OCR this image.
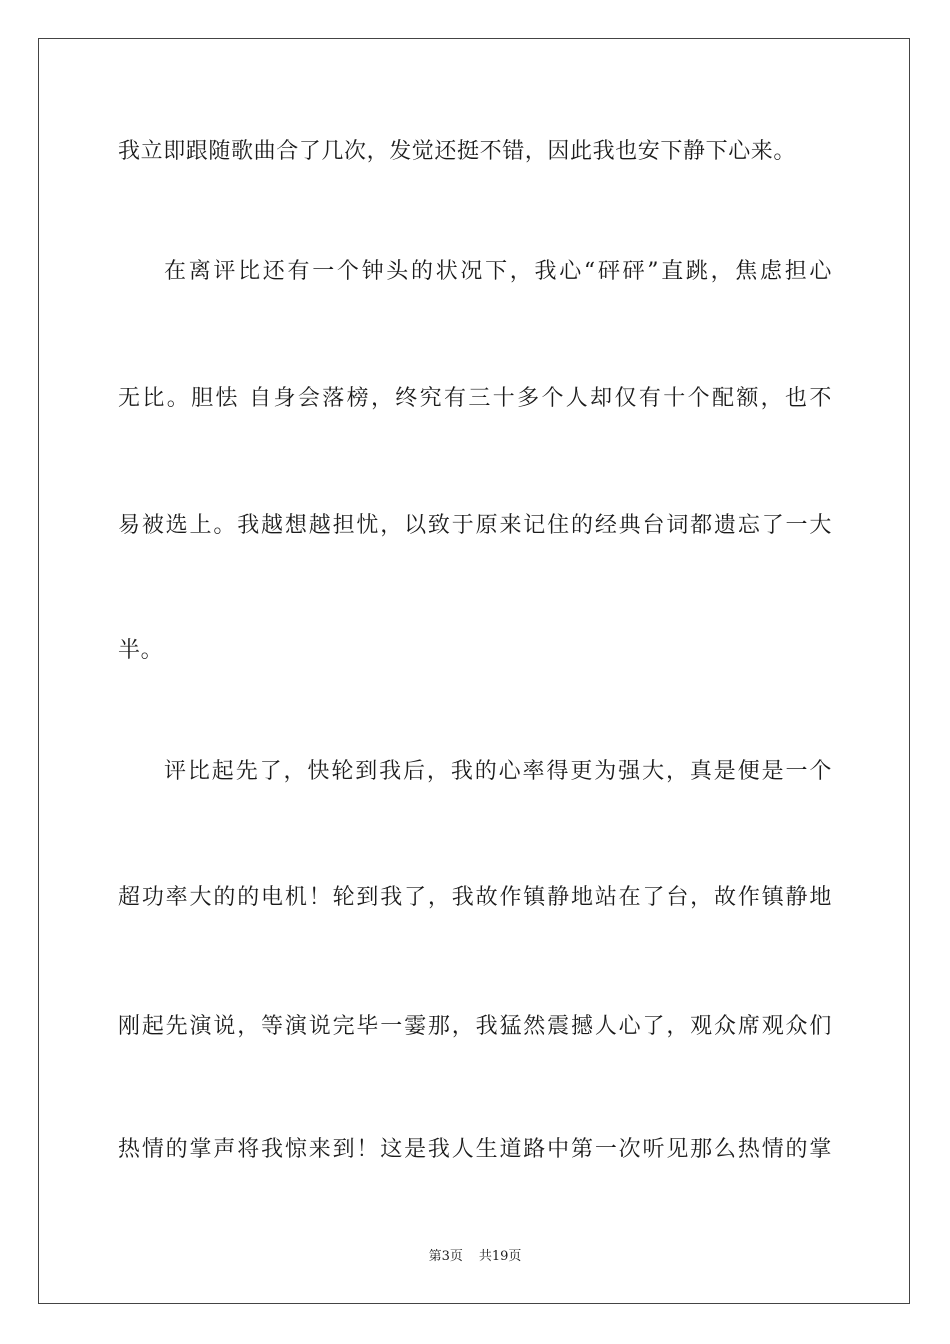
我立即跟随歌曲合了几次，发觉还挺不错，因此我也安下静下心来。
在离评比还有一个钟头的状况下，我心“砰砰”直跳，焦虑担心
无比。胆怯 自身会落榜，终究有三十多个人却仅有十个配额，也不
易被选上。我越想越担忧，以致于原来记住的经典台词都遗忘了一大
半。
评比起先了，快轮到我后，我的心率得更为强大，真是便是一个
超功率大的的电机！轮到我了，我故作镇静地站在了台，故作镇静地
刚起先演说，等演说完毕一霎那，我猛然震撼人心了，观众席观众们
热情的掌声将我惊来到！这是我人生道路中第一次听见那么热情的掌
第3页 共19页
